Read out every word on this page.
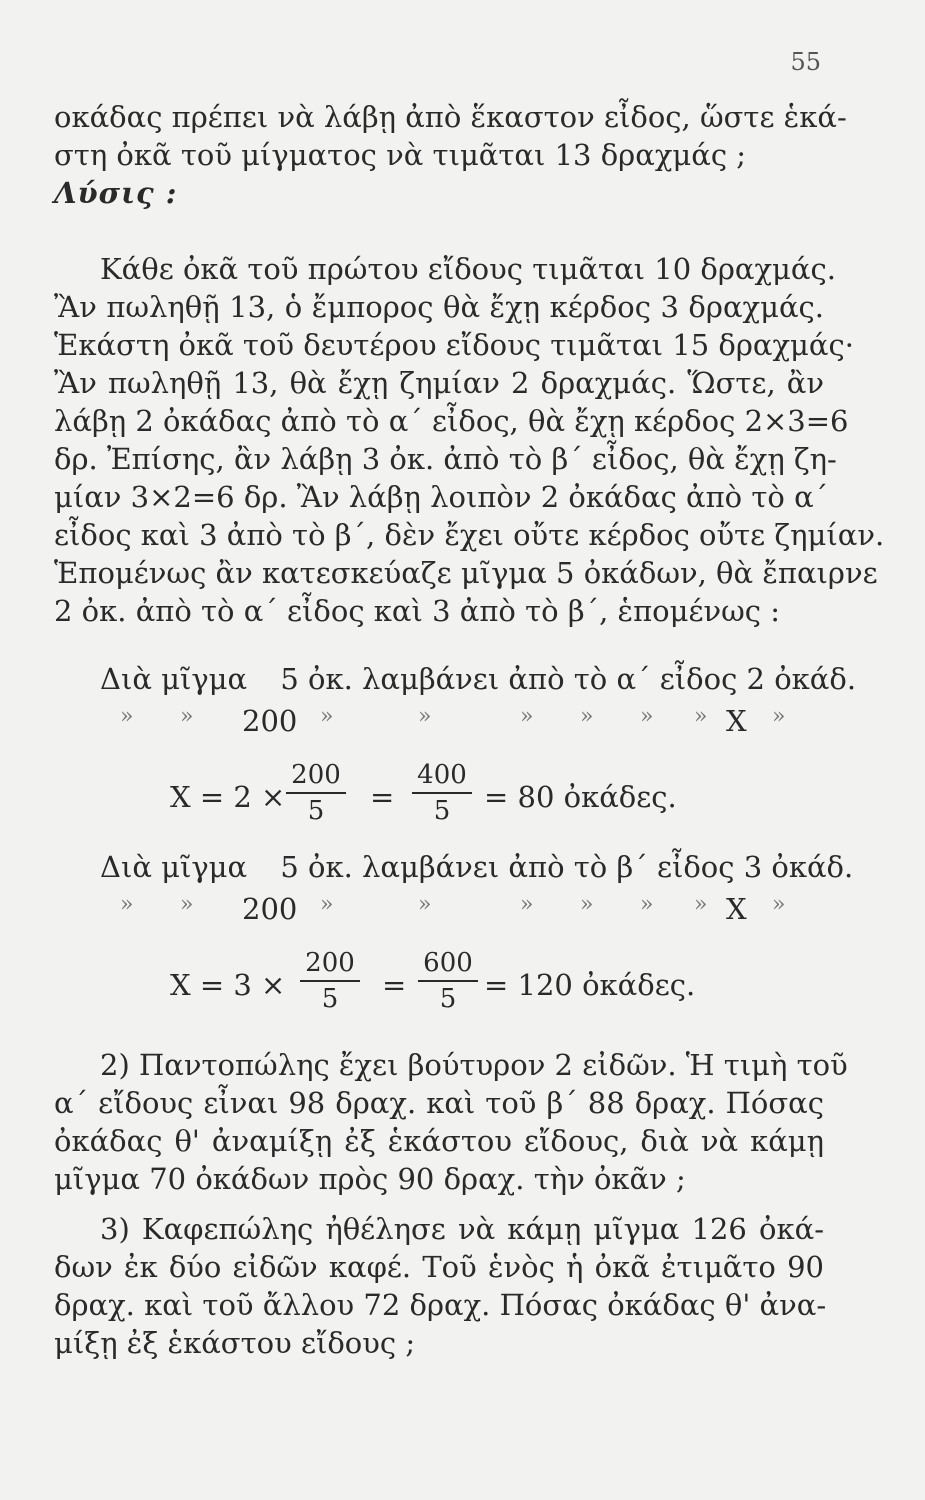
55
οκάδας πρέπει νὰ λάβῃ ἀπὸ ἕκαστον εἶδος, ὥστε ἑκά-
στη ὀκᾶ τοῦ μίγματος νὰ τιμᾶται 13 δραχμάς ;
Λύσις :
Κάθε ὀκᾶ τοῦ πρώτου εἴδους τιμᾶται 10 δραχμάς.
Ἂν πωληθῇ 13, ὁ ἔμπορος θὰ ἔχῃ κέρδος 3 δραχμάς.
Ἑκάστη ὀκᾶ τοῦ δευτέρου εἴδους τιμᾶται 15 δραχμάς·
Ἂν πωληθῇ 13, θὰ ἔχῃ ζημίαν 2 δραχμάς. Ὥστε, ἂν
λάβῃ 2 ὀκάδας ἀπὸ τὸ α΄ εἶδος, θὰ ἔχῃ κέρδος 2×3=6
δρ. Ἐπίσης, ἂν λάβῃ 3 ὀκ. ἀπὸ τὸ β΄ εἶδος, θὰ ἔχῃ ζη-
μίαν 3×2=6 δρ. Ἂν λάβῃ λοιπὸν 2 ὀκάδας ἀπὸ τὸ α΄
εἶδος καὶ 3 ἀπὸ τὸ β΄, δὲν ἔχει οὔτε κέρδος οὔτε ζημίαν.
Ἑπομένως ἂν κατεσκεύαζε μῖγμα 5 ὀκάδων, θὰ ἔπαιρνε
2 ὀκ. ἀπὸ τὸ α΄ εἶδος καὶ 3 ἀπὸ τὸ β΄, ἑπομένως :
Διὰ μῖγμα 5 ὀκ. λαμβάνει ἀπὸ τὸ α΄ εἶδος 2 ὀκάδ.
» » 200 »	»	» » » » X »
$X = 2 \times \frac{200}{5} = \frac{400}{5} = 80$ ὀκάδες.
Διὰ μῖγμα 5 ὀκ. λαμβάνει ἀπὸ τὸ β΄ εἶδος 3 ὀκάδ.
» » 200 »	»	» » » » X »
$X = 3 \times \frac{200}{5} = \frac{600}{5} = 120$ ὀκάδες.
2) Παντοπώλης ἔχει βούτυρον 2 εἰδῶν. Ἡ τιμὴ τοῦ
α΄ εἴδους εἶναι 98 δραχ. καὶ τοῦ β΄ 88 δραχ. Πόσας
ὀκάδας θ' ἀναμίξῃ ἐξ ἑκάστου εἴδους, διὰ νὰ κάμῃ
μῖγμα 70 ὀκάδων πρὸς 90 δραχ. τὴν ὀκᾶν ;
3) Καφεπώλης ἠθέλησε νὰ κάμῃ μῖγμα 126 ὀκά-
δων ἐκ δύο εἰδῶν καφέ. Τοῦ ἑνὸς ἡ ὀκᾶ ἐτιμᾶτο 90
δραχ. καὶ τοῦ ἄλλου 72 δραχ. Πόσας ὀκάδας θ' ἀνα-
μίξῃ ἐξ ἑκάστου εἴδους ;
